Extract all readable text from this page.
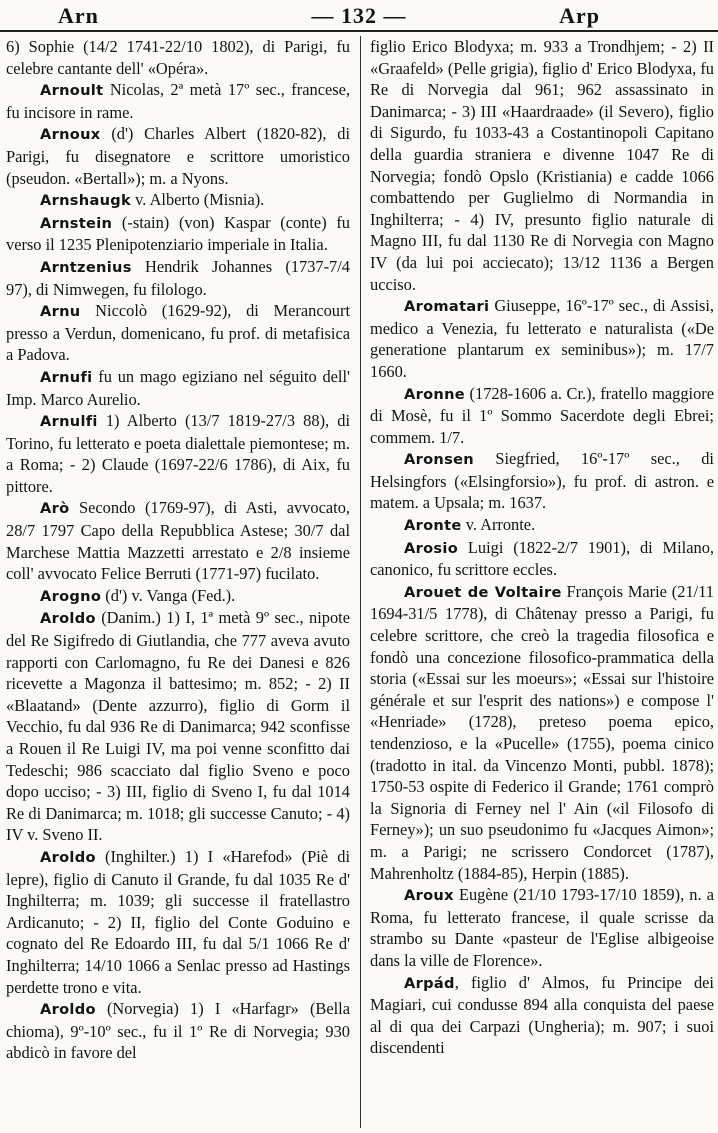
Arn	— 132 —	Arp

6) Sophie (14/2 1741-22/10 1802), di Parigi, fu celebre cantante dell' «Opéra».

Arnoult Nicolas, 2ª metà 17º sec., francese, fu incisore in rame.

Arnoux (d') Charles Albert (1820-82), di Parigi, fu disegnatore e scrittore umoristico (pseudon. «Bertall»); m. a Nyons.

Arnshaugk v. Alberto (Misnia).

Arnstein (-stain) (von) Kaspar (conte) fu verso il 1235 Plenipotenziario imperiale in Italia.

Arntzenius Hendrik Johannes (1737-7/4 97), di Nimwegen, fu filologo.

Arnu Niccolò (1629-92), di Merancourt presso a Verdun, domenicano, fu prof. di metafisica a Padova.

Arnufi fu un mago egiziano nel séguito dell' Imp. Marco Aurelio.

Arnulfi 1) Alberto (13/7 1819-27/3 88), di Torino, fu letterato e poeta dialettale piemontese; m. a Roma; - 2) Claude (1697-22/6 1786), di Aix, fu pittore.

Arò Secondo (1769-97), di Asti, avvocato, 28/7 1797 Capo della Repubblica Astese; 30/7 dal Marchese Mattia Mazzetti arrestato e 2/8 insieme coll' avvocato Felice Berruti (1771-97) fucilato.

Arogno (d') v. Vanga (Fed.).

Aroldo (Danim.) 1) I, 1ª metà 9º sec., nipote del Re Sigifredo di Giutlandia, che 777 aveva avuto rapporti con Carlomagno, fu Re dei Danesi e 826 ricevette a Magonza il battesimo; m. 852; - 2) II «Blaatand» (Dente azzurro), figlio di Gorm il Vecchio, fu dal 936 Re di Danimarca; 942 sconfisse a Rouen il Re Luigi IV, ma poi venne sconfitto dai Tedeschi; 986 scacciato dal figlio Sveno e poco dopo ucciso; - 3) III, figlio di Sveno I, fu dal 1014 Re di Danimarca; m. 1018; gli successe Canuto; - 4) IV v. Sveno II.

Aroldo (Inghilter.) 1) I «Harefod» (Piè di lepre), figlio di Canuto il Grande, fu dal 1035 Re d' Inghilterra; m. 1039; gli successe il fratellastro Ardicanuto; - 2) II, figlio del Conte Goduino e cognato del Re Edoardo III, fu dal 5/1 1066 Re d' Inghilterra; 14/10 1066 a Senlac presso ad Hastings perdette trono e vita.

Aroldo (Norvegia) 1) I «Harfagr» (Bella chioma), 9º-10º sec., fu il 1º Re di Norvegia; 930 abdicò in favore del

figlio Erico Blodyxa; m. 933 a Trondhjem; - 2) II «Graafeld» (Pelle grigia), figlio d' Erico Blodyxa, fu Re di Norvegia dal 961; 962 assassinato in Danimarca; - 3) III «Haardraade» (il Severo), figlio di Sigurdo, fu 1033-43 a Costantinopoli Capitano della guardia straniera e divenne 1047 Re di Norvegia; fondò Opslo (Kristiania) e cadde 1066 combattendo per Guglielmo di Normandia in Inghilterra; - 4) IV, presunto figlio naturale di Magno III, fu dal 1130 Re di Norvegia con Magno IV (da lui poi acciecato); 13/12 1136 a Bergen ucciso.

Aromatari Giuseppe, 16º-17º sec., di Assisi, medico a Venezia, fu letterato e naturalista («De generatione plantarum ex seminibus»); m. 17/7 1660.

Aronne (1728-1606 a. Cr.), fratello maggiore di Mosè, fu il 1º Sommo Sacerdote degli Ebrei; commem. 1/7.

Aronsen Siegfried, 16º-17º sec., di Helsingfors («Elsingforsio»), fu prof. di astron. e matem. a Upsala; m. 1637.

Aronte v. Arronte.

Arosio Luigi (1822-2/7 1901), di Milano, canonico, fu scrittore eccles.

Arouet de Voltaire François Marie (21/11 1694-31/5 1778), di Châtenay presso a Parigi, fu celebre scrittore, che creò la tragedia filosofica e fondò una concezione filosofico-prammatica della storia («Essai sur les moeurs»; «Essai sur l'histoire générale et sur l'esprit des nations») e compose l' «Henriade» (1728), preteso poema epico, tendenzioso, e la «Pucelle» (1755), poema cinico (tradotto in ital. da Vincenzo Monti, pubbl. 1878); 1750-53 ospite di Federico il Grande; 1761 comprò la Signoria di Ferney nel l' Ain («il Filosofo di Ferney»); un suo pseudonimo fu «Jacques Aimon»; m. a Parigi; ne scrissero Condorcet (1787), Mahrenholtz (1884-85), Herpin (1885).

Aroux Eugène (21/10 1793-17/10 1859), n. a Roma, fu letterato francese, il quale scrisse da strambo su Dante «pasteur de l'Eglise albigeoise dans la ville de Florence».

Arpád, figlio d' Almos, fu Principe dei Magiari, cui condusse 894 alla conquista del paese al di qua dei Carpazi (Ungheria); m. 907; i suoi discendenti
